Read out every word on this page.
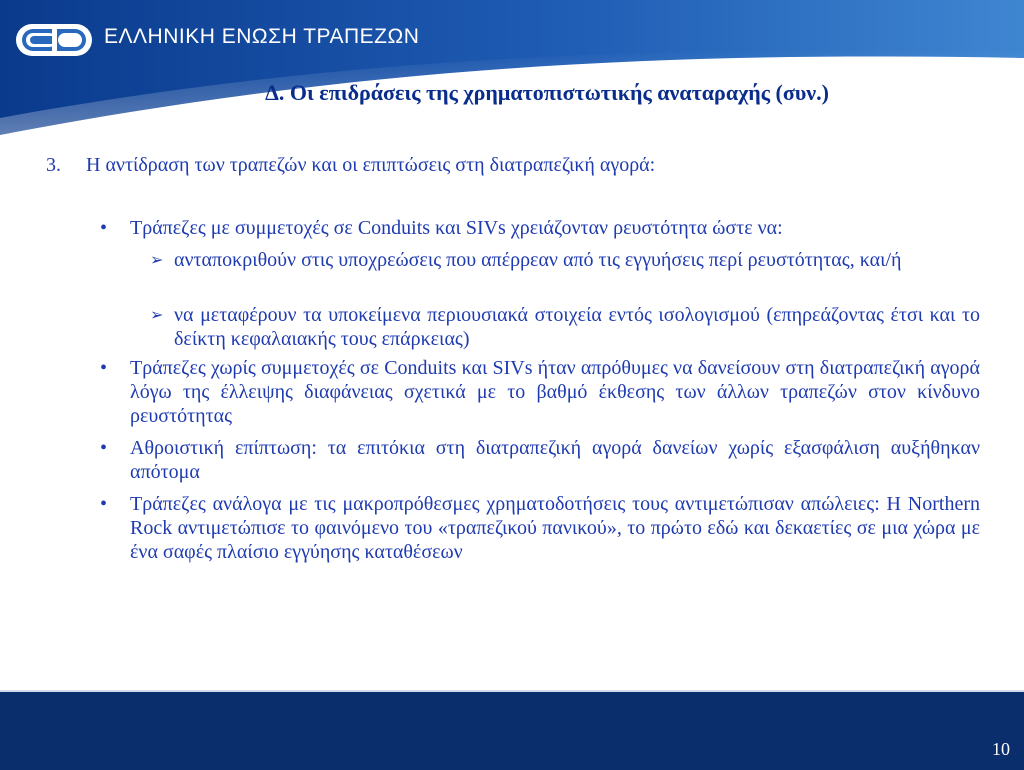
ΕΛΛΗΝΙΚΗ ΕΝΩΣΗ ΤΡΑΠΕΖΩΝ
Δ. Οι επιδράσεις της χρηματοπιστωτικής αναταραχής (συν.)
3. Η αντίδραση των τραπεζών και οι επιπτώσεις στη διατραπεζική αγορά:
•	Τράπεζες με συμμετοχές σε Conduits και SIVs χρειάζονταν ρευστότητα ώστε να:
➢ ανταποκριθούν στις υποχρεώσεις που απέρρεαν από τις εγγυήσεις περί ρευστότητας, και/ή
➢ να μεταφέρουν τα υποκείμενα περιουσιακά στοιχεία εντός ισολογισμού (επηρεάζοντας έτσι και το δείκτη κεφαλαιακής τους επάρκειας)
•	Τράπεζες χωρίς συμμετοχές σε Conduits και SIVs ήταν απρόθυμες να δανείσουν στη διατραπεζική αγορά λόγω της έλλειψης διαφάνειας σχετικά με το βαθμό έκθεσης των άλλων τραπεζών στον κίνδυνο ρευστότητας
•	Αθροιστική επίπτωση: τα επιτόκια στη διατραπεζική αγορά δανείων χωρίς εξασφάλιση αυξήθηκαν απότομα
•	Τράπεζες ανάλογα με τις μακροπρόθεσμες χρηματοδοτήσεις τους αντιμετώπισαν απώλειες: Η Northern Rock αντιμετώπισε το φαινόμενο του «τραπεζικού πανικού», το πρώτο εδώ και δεκαετίες σε μια χώρα με ένα σαφές πλαίσιο εγγύησης καταθέσεων
10
